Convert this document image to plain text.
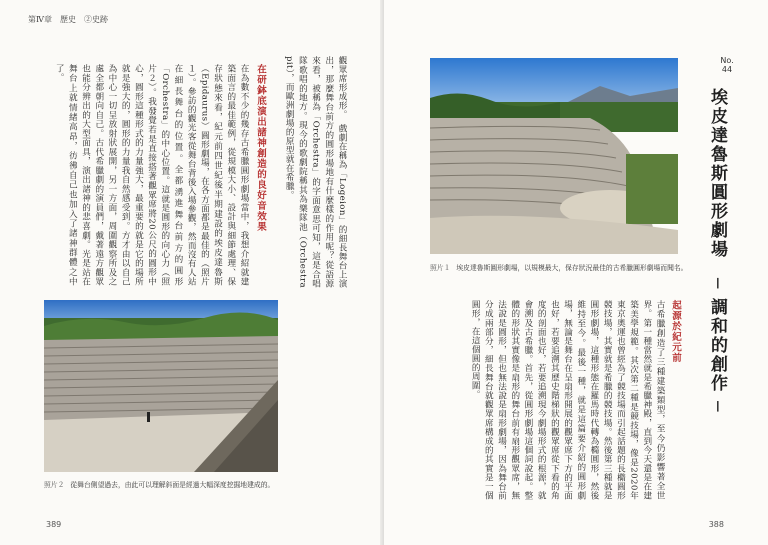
第Ⅳ章　歷史　②史跡
觀眾席形成形。　戲劇在稱為「Logeion」的細長舞台上演出，那麼舞台前方的圓形場地有什麼樣的作用呢？從語源來看，被稱為「Orchestra」的字面意思可知，這是合唱隊歌唱的地方。現今的歌劇院稱其為樂隊池（Orchestra pit），而歐洲劇場的原型就在希臘。
在研鉢底演出諸神創造的良好音效果
在為數不少的幾存古希臘圓形劇場當中，我想介紹就建築面言的最佳範例，從規模大小、設計與細節處理、保存狀態來看，紀元前四世紀後半期建設的埃皮達魯斯（Epidaurus）圓形劇場，在各方面都是最佳的（照片１）。參訪的觀光客從舞台背後入場參觀，然而沒有人站在細長舞台的位置。全都湧進舞台前方的圓形「Orchestra」的中心位置。這就是圓形的向心力（照片２）。我發覺若是直接搭著觀眾席將20公尺的圓形中心，圓形這種形式的力量強大，最重要的就是它的場所就是強大的，圓形的力量我自然感受到。方才由以自己為中心一切呈放射狀展開，另一方面，周圍觀察所及之處全都朝向自己。古代希臘劇的演員們，戴著遠方觀眾也能分辨出的大型面具，演出諸神的悲喜劇。光是站在舞台上就情緒高昂，彷彿自己也加入了諸神群體之中了。
照片２ 從舞台側望過去，由此可以理解斜面是經過大幅深度挖掘地建成的。
389
照片１ 埃皮達魯斯圓形劇場，以規模最大，保存狀況最佳的古希臘圓形劇場而聞名。
起源於紀元前
古希臘創造了三種建築類型，至今仍影響著全世界。第一種當然就是希臘神殿，直到今天還是在建築美學規範。其次第二種是競技場，像是2020年東京奧運也曾經為了競技場而引起話題的長橢圓形競技場，其實就是希臘的競技場。然後第三種就是圓形劇場，這種形態在羅馬時代轉為橢圓形，然後維持至今。最後一種，就是這篇要介紹的圓形劇場，無論是舞台在呈扇形開展的觀眾席下方的平面也好，若要追溯其歷史階梯狀的觀眾席從下看的角度的剖面也好，若要追溯現今劇場形式的根源，就會溯及古希臘。首先，從圓形劇場這個詞說起。整體的形狀其實像是扇形的舞台前有扇形觀眾席，無法說是圓形，但也無法說是扇形劇場，因為舞台前分成兩部分，細長舞台就觀眾席構成的其實是一個圓形，在這個圓的周圍。
388
No.
44
埃皮達魯斯圓形劇場　─ 調和的創作 ─
